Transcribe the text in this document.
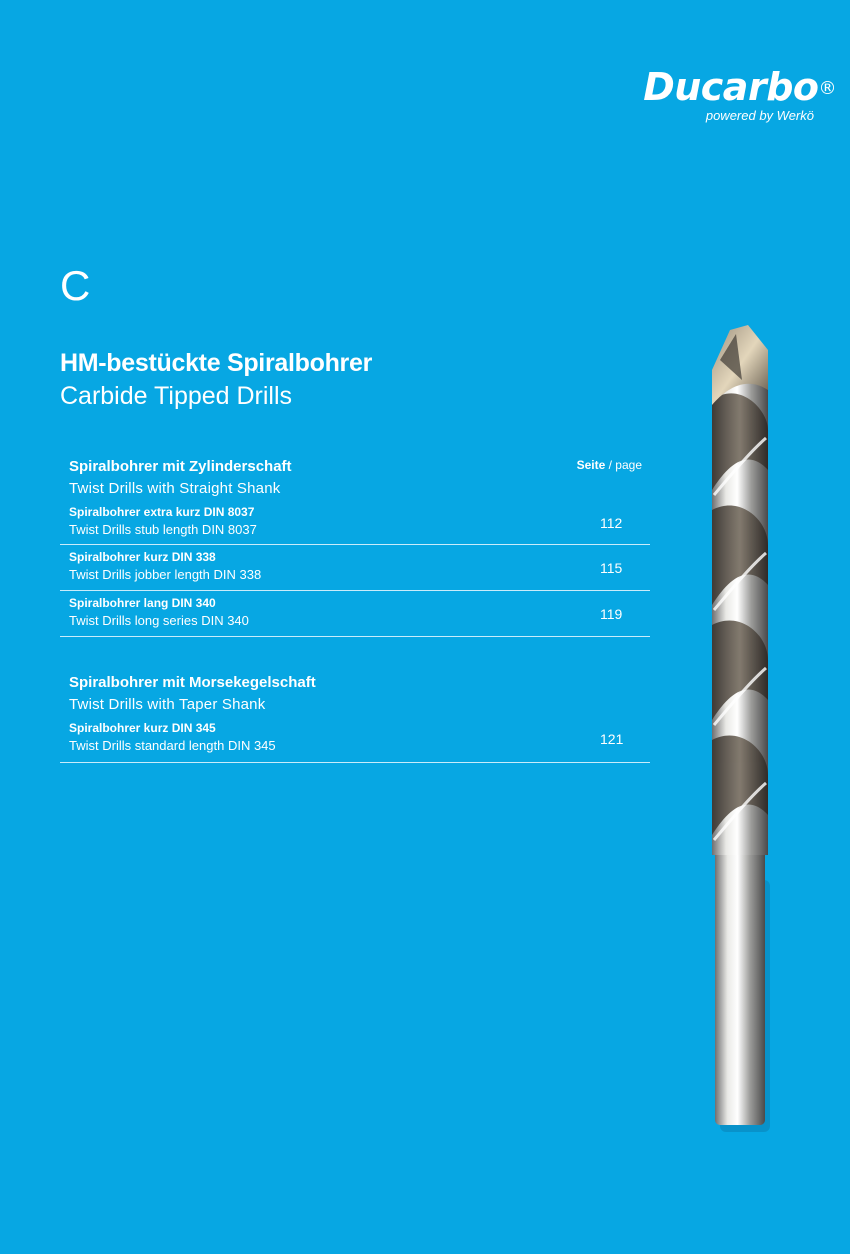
Ducarbo®
powered by Werkö
C
HM-bestückte Spiralbohrer
Carbide Tipped Drills
Spiralbohrer mit Zylinderschaft
Twist Drills with Straight Shank
Seite / page
Spiralbohrer extra kurz DIN 8037
Twist Drills stub length DIN 8037	112
Spiralbohrer kurz DIN 338
Twist Drills jobber length DIN 338	115
Spiralbohrer lang DIN 340
Twist Drills long series DIN 340	119
Spiralbohrer mit Morsekegelschaft
Twist Drills with Taper Shank
Spiralbohrer kurz DIN 345
Twist Drills standard length DIN 345	121
